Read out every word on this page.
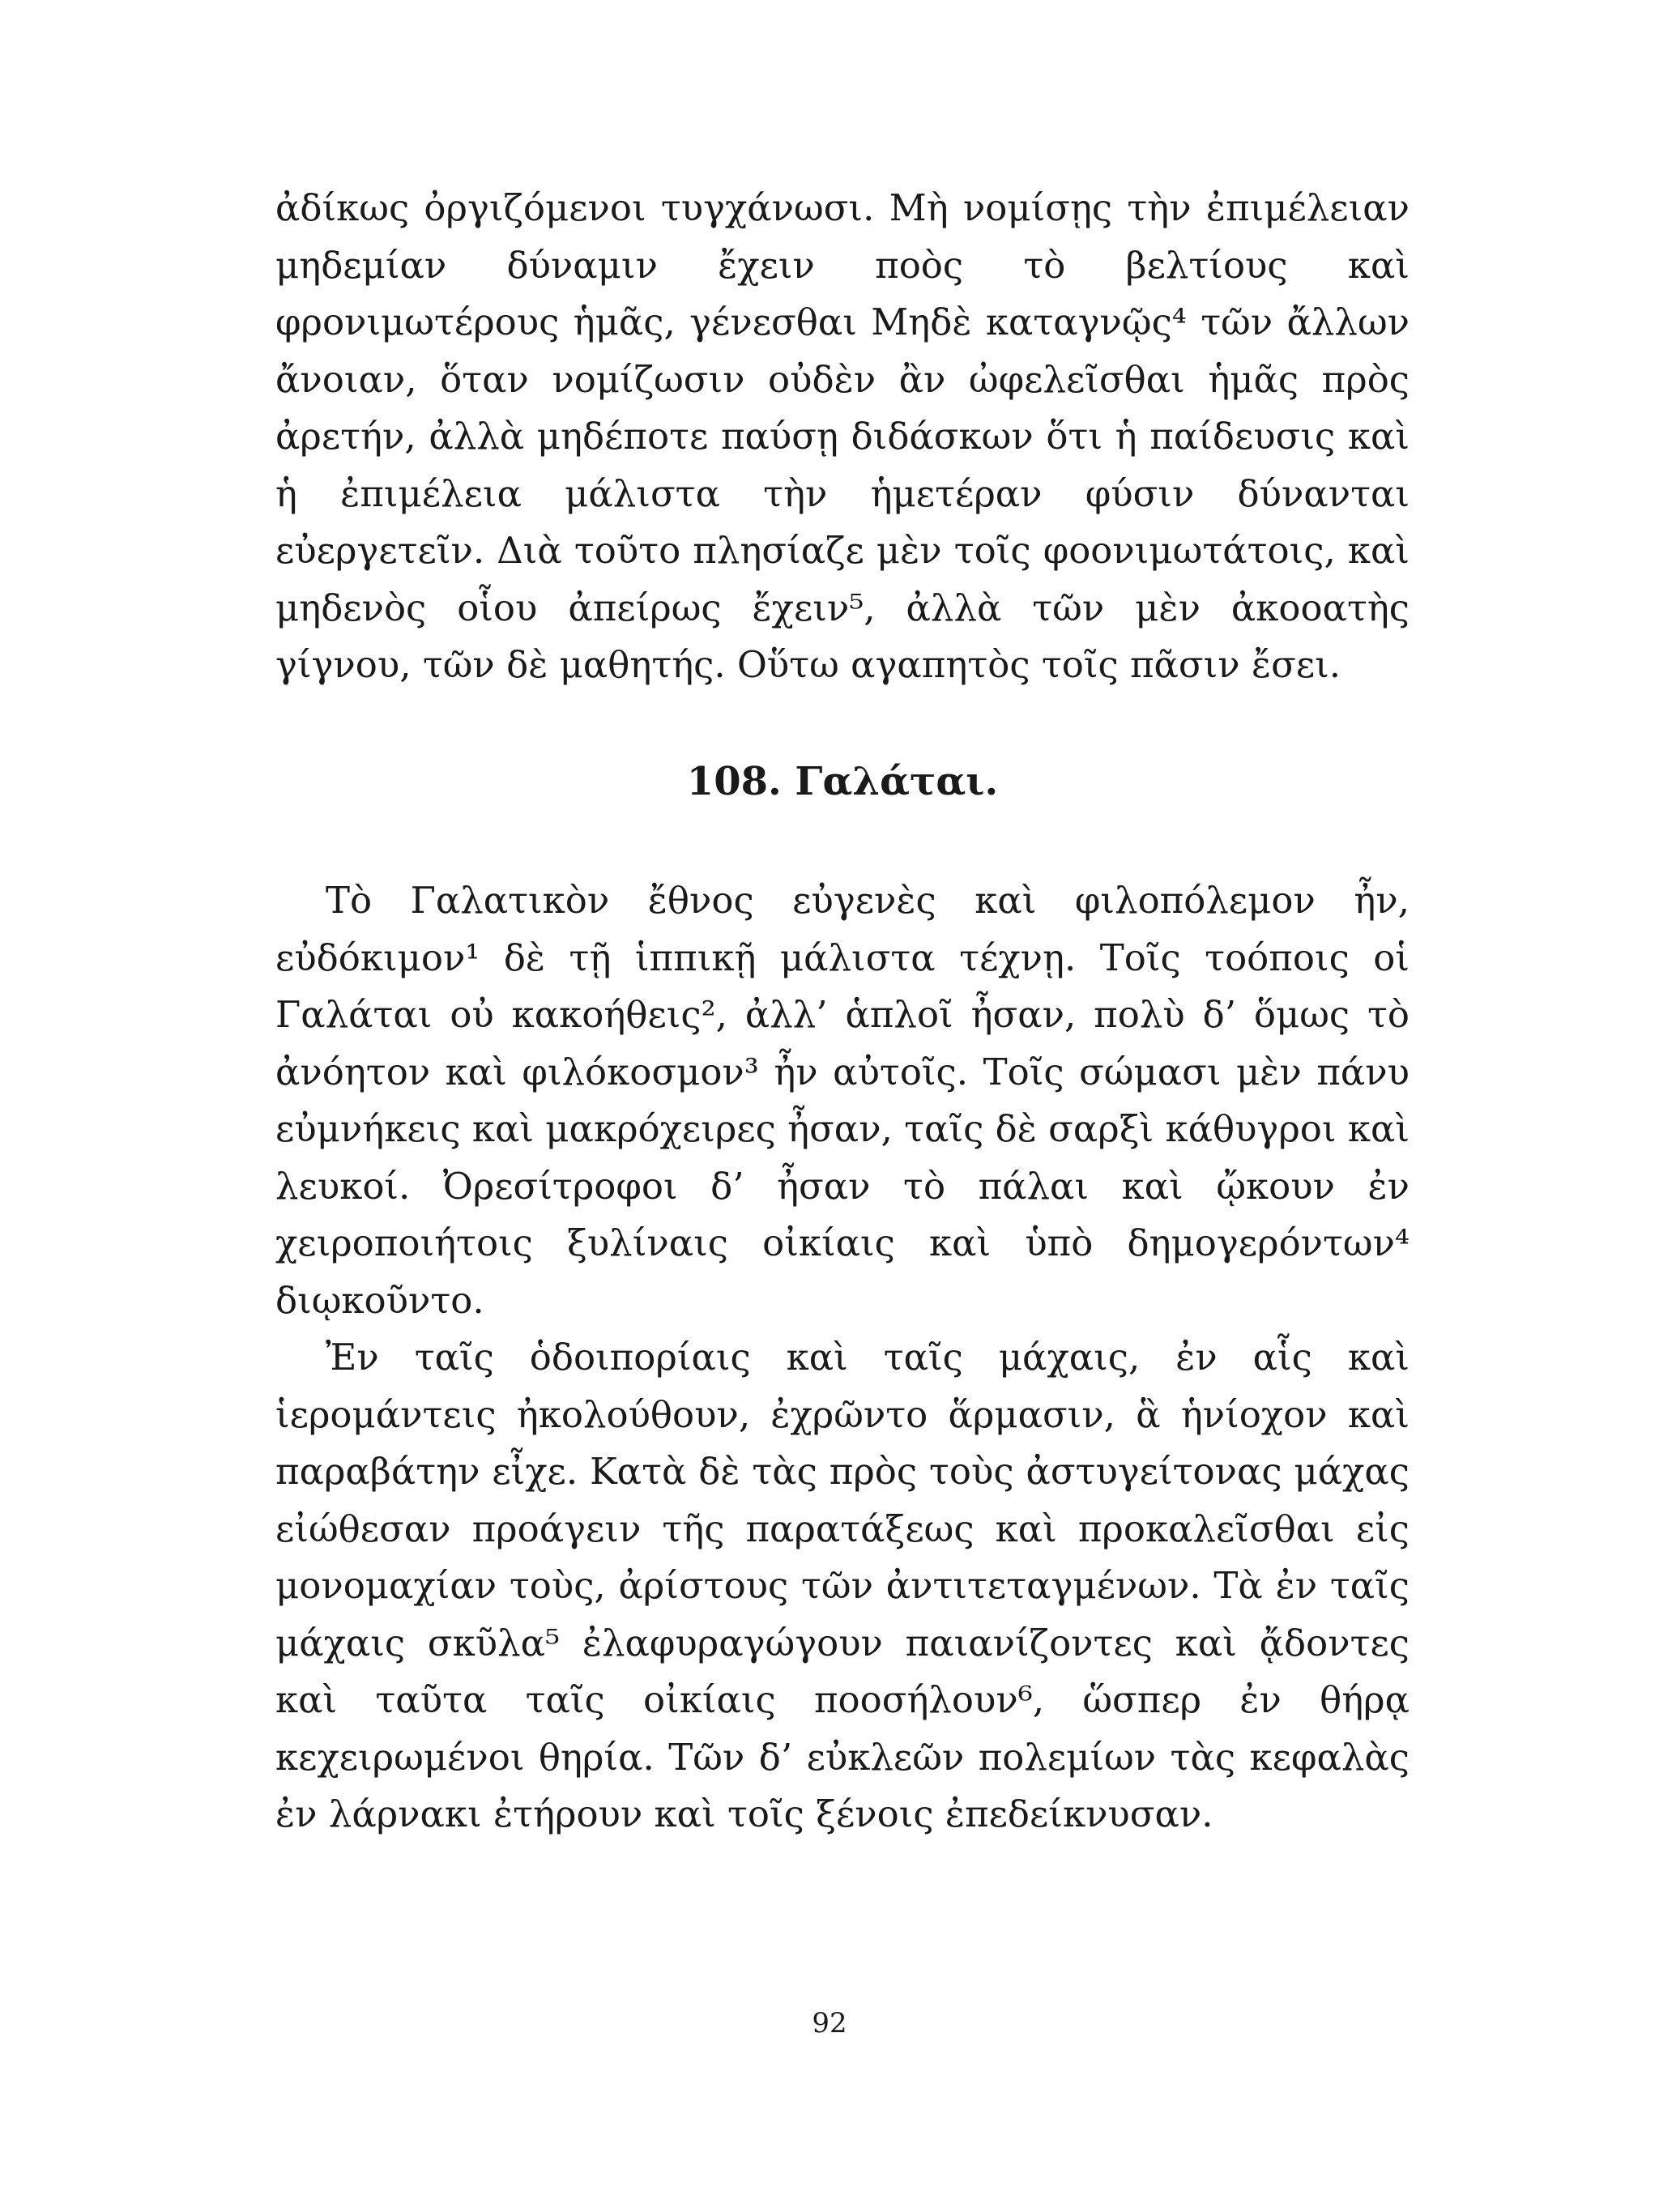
ἀδίκως ὀργιζόμενοι τυγχάνωσι. Μὴ νομίσῃς τὴν ἐπιμέλειαν μηδεμίαν δύναμιν ἔχειν ποὸς τὸ βελτίους καὶ φρονιμωτέρους ἡμᾶς, γένεσθαι Μηδὲ καταγνῷς⁴ τῶν ἄλλων ἄνοιαν, ὅταν νομίζωσιν οὐδὲν ἂν ὠφελεῖσθαι ἡμᾶς πρὸς ἀρετήν, ἀλλὰ μηδέποτε παύσῃ διδάσκων ὅτι ἡ παίδευσις καὶ ἡ ἐπιμέλεια μάλιστα τὴν ἡμετέραν φύσιν δύνανται εὐεργετεῖν. Διὰ τοῦτο πλησίαζε μὲν τοῖς φοονιμωτάτοις, καὶ μηδενὸς οἷου ἀπείρως ἔχειν⁵, ἀλλὰ τῶν μὲν ἀκοοατὴς γίγνου, τῶν δὲ μαθητής. Οὕτω αγαπητὸς τοῖς πᾶσιν ἔσει.

108. Γαλάται.

Τὸ Γαλατικὸν ἔθνος εὐγενὲς καὶ φιλοπόλεμον ἦν, εὐδόκιμον¹ δὲ τῇ ἱππικῇ μάλιστα τέχνῃ. Τοῖς τοόποις οἱ Γαλάται οὐ κακοήθεις², ἀλλ’ ἁπλοῖ ἦσαν, πολὺ δ’ ὅμως τὸ ἀνόητον καὶ φιλόκοσμον³ ἦν αὐτοῖς. Τοῖς σώμασι μὲν πάνυ εὐμνήκεις καὶ μακρόχειρες ἦσαν, ταῖς δὲ σαρξὶ κάθυγροι καὶ λευκοί. Ὀρεσίτροφοι δ’ ἦσαν τὸ πάλαι καὶ ᾤκουν ἐν χειροποιήτοις ξυλίναις οἰκίαις καὶ ὑπὸ δημογερόντων⁴ διῳκοῦντο.

Ἐν ταῖς ὁδοιπορίαις καὶ ταῖς μάχαις, ἐν αἷς καὶ ἱερομάντεις ἠκολούθουν, ἐχρῶντο ἅρμασιν, ἃ ἡνίοχον καὶ παραβάτην εἶχε. Κατὰ δὲ τὰς πρὸς τοὺς ἀστυγείτονας μάχας εἰώθεσαν προάγειν τῆς παρατάξεως καὶ προκαλεῖσθαι εἰς μονομαχίαν τοὺς, ἀρίστους τῶν ἀντιτεταγμένων. Τὰ ἐν ταῖς μάχαις σκῦλα⁵ ἐλαφυραγώγουν παιανίζοντες καὶ ᾄδοντες καὶ ταῦτα ταῖς οἰκίαις ποοσήλουν⁶, ὥσπερ ἐν θήρᾳ κεχειρωμένοι θηρία. Τῶν δ’ εὐκλεῶν πολεμίων τὰς κεφαλὰς ἐν λάρνακι ἐτήρουν καὶ τοῖς ξένοις ἐπεδείκνυσαν.

92
